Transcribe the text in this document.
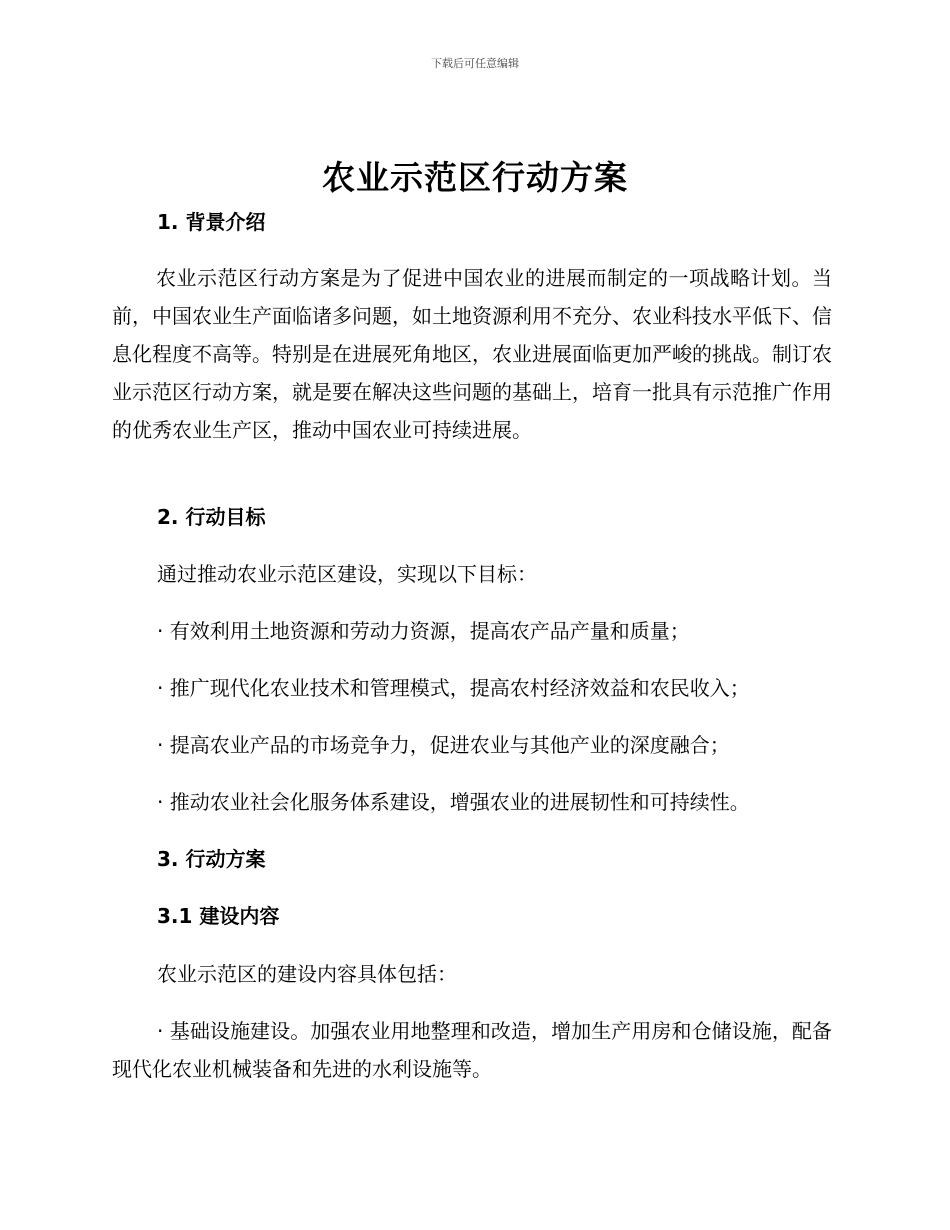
下载后可任意编辑
农业示范区行动方案
1. 背景介绍

农业示范区行动方案是为了促进中国农业的进展而制定的一项战略计划。当前，中国农业生产面临诸多问题，如土地资源利用不充分、农业科技水平低下、信息化程度不高等。特别是在进展死角地区，农业进展面临更加严峻的挑战。制订农业示范区行动方案，就是要在解决这些问题的基础上，培育一批具有示范推广作用的优秀农业生产区，推动中国农业可持续进展。

2. 行动目标

通过推动农业示范区建设，实现以下目标：

· 有效利用土地资源和劳动力资源，提高农产品产量和质量；

· 推广现代化农业技术和管理模式，提高农村经济效益和农民收入；

· 提高农业产品的市场竞争力，促进农业与其他产业的深度融合；

· 推动农业社会化服务体系建设，增强农业的进展韧性和可持续性。

3. 行动方案
3.1 建设内容

农业示范区的建设内容具体包括：

· 基础设施建设。加强农业用地整理和改造，增加生产用房和仓储设施，配备现代化农业机械装备和先进的水利设施等。
